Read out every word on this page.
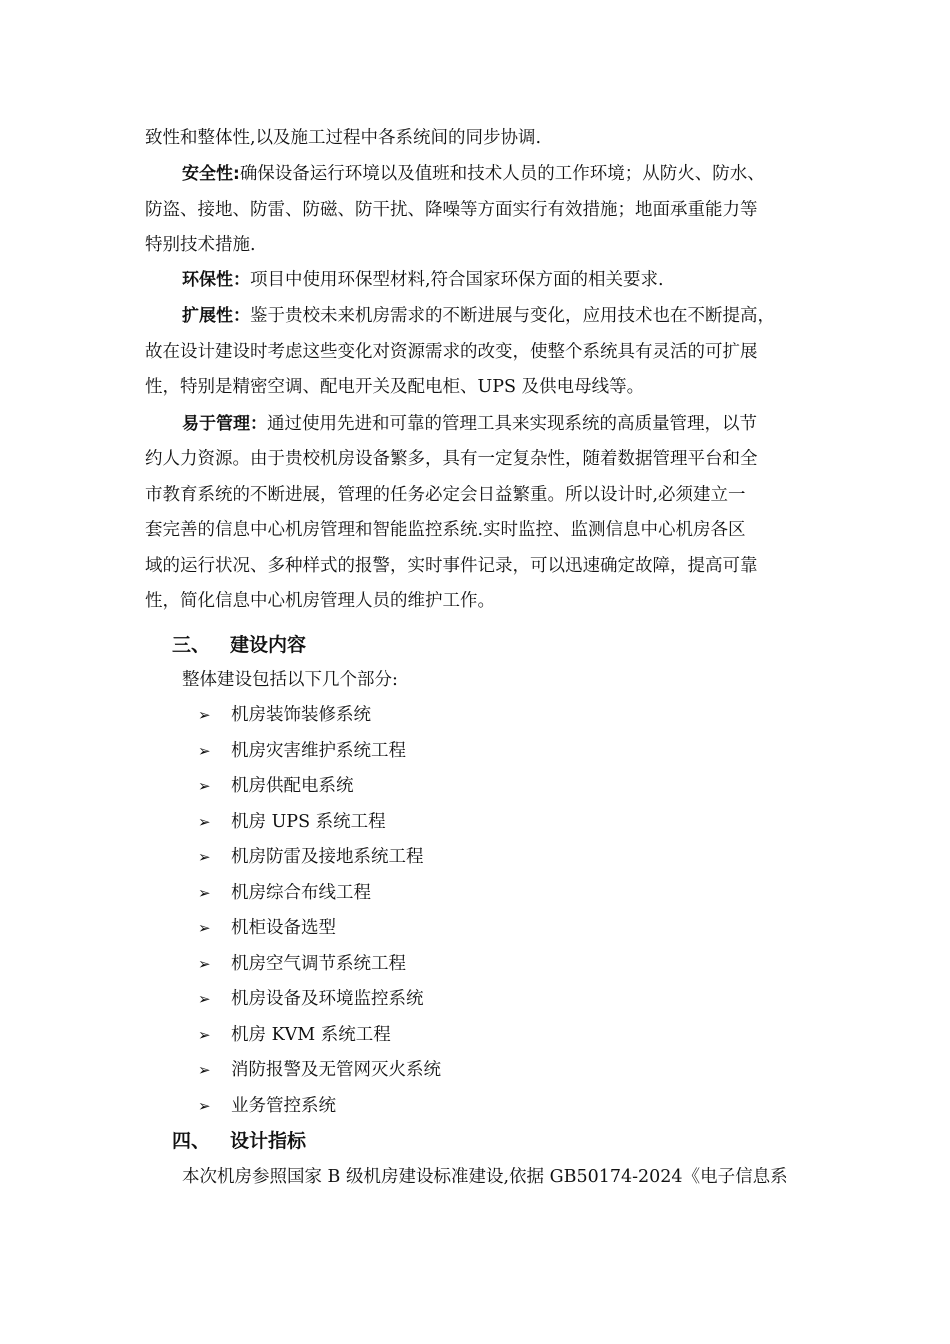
致性和整体性,以及施工过程中各系统间的同步协调.
安全性:确保设备运行环境以及值班和技术人员的工作环境；从防火、防水、
防盗、接地、防雷、防磁、防干扰、降噪等方面实行有效措施；地面承重能力等
特别技术措施.
环保性：项目中使用环保型材料,符合国家环保方面的相关要求.
扩展性：鉴于贵校未来机房需求的不断进展与变化，应用技术也在不断提高，
故在设计建设时考虑这些变化对资源需求的改变，使整个系统具有灵活的可扩展
性，特别是精密空调、配电开关及配电柜、UPS 及供电母线等。
易于管理：通过使用先进和可靠的管理工具来实现系统的高质量管理，以节
约人力资源。由于贵校机房设备繁多，具有一定复杂性，随着数据管理平台和全
市教育系统的不断进展，管理的任务必定会日益繁重。所以设计时,必须建立一
套完善的信息中心机房管理和智能监控系统.实时监控、监测信息中心机房各区
域的运行状况、多种样式的报警，实时事件记录，可以迅速确定故障，提高可靠
性，简化信息中心机房管理人员的维护工作。
三、 建设内容
整体建设包括以下几个部分:
➢ 机房装饰装修系统
➢ 机房灾害维护系统工程
➢ 机房供配电系统
➢ 机房 UPS 系统工程
➢ 机房防雷及接地系统工程
➢ 机房综合布线工程
➢ 机柜设备选型
➢ 机房空气调节系统工程
➢ 机房设备及环境监控系统
➢ 机房 KVM 系统工程
➢ 消防报警及无管网灭火系统
➢ 业务管控系统
四、 设计指标
本次机房参照国家 B 级机房建设标准建设,依据 GB50174-2024《电子信息系
